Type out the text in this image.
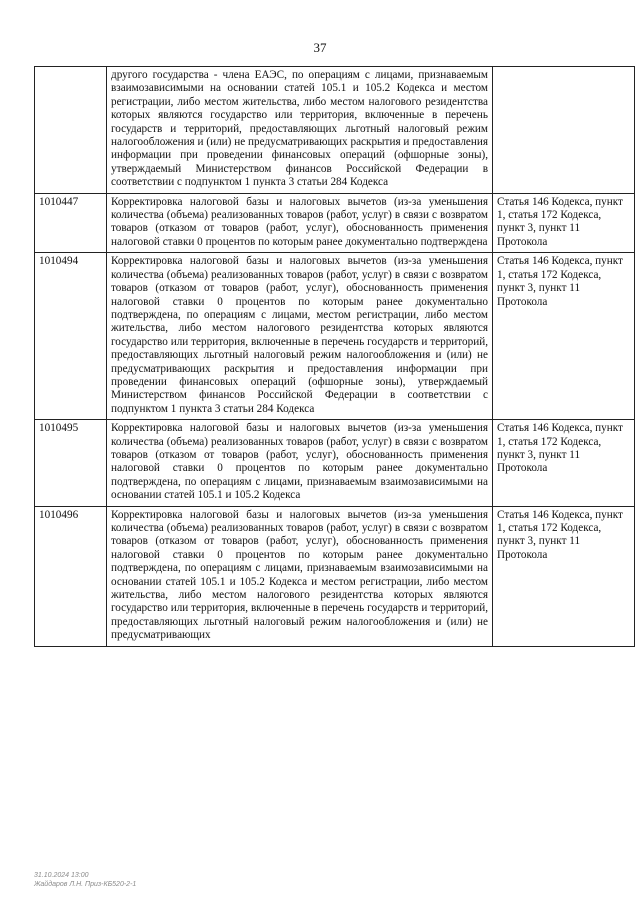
37
	другого государства - члена ЕАЭС, по операциям с лицами, признаваемым взаимозависимыми на основании статей 105.1 и 105.2 Кодекса и местом регистрации, либо местом жительства, либо местом налогового резидентства которых являются государство или территория, включенные в перечень государств и территорий, предоставляющих льготный налоговый режим налогообложения и (или) не предусматривающих раскрытия и предоставления информации при проведении финансовых операций (офшорные зоны), утверждаемый Министерством финансов Российской Федерации в соответствии с подпунктом 1 пункта 3 статьи 284 Кодекса	
1010447	Корректировка налоговой базы и налоговых вычетов (из-за уменьшения количества (объема) реализованных товаров (работ, услуг) в связи с возвратом товаров (отказом от товаров (работ, услуг), обоснованность применения налоговой ставки 0 процентов по которым ранее документально подтверждена	Статья 146 Кодекса, пункт 1, статья 172 Кодекса, пункт 3, пункт 11 Протокола
1010494	Корректировка налоговой базы и налоговых вычетов (из-за уменьшения количества (объема) реализованных товаров (работ, услуг) в связи с возвратом товаров (отказом от товаров (работ, услуг), обоснованность применения налоговой ставки 0 процентов по которым ранее документально подтверждена, по операциям с лицами, местом регистрации, либо местом жительства, либо местом налогового резидентства которых являются государство или территория, включенные в перечень государств и территорий, предоставляющих льготный налоговый режим налогообложения и (или) не предусматривающих раскрытия и предоставления информации при проведении финансовых операций (офшорные зоны), утверждаемый Министерством финансов Российской Федерации в соответствии с подпунктом 1 пункта 3 статьи 284 Кодекса	Статья 146 Кодекса, пункт 1, статья 172 Кодекса, пункт 3, пункт 11 Протокола
1010495	Корректировка налоговой базы и налоговых вычетов (из-за уменьшения количества (объема) реализованных товаров (работ, услуг) в связи с возвратом товаров (отказом от товаров (работ, услуг), обоснованность применения налоговой ставки 0 процентов по которым ранее документально подтверждена, по операциям с лицами, признаваемым взаимозависимыми на основании статей 105.1 и 105.2 Кодекса	Статья 146 Кодекса, пункт 1, статья 172 Кодекса, пункт 3, пункт 11 Протокола
1010496	Корректировка налоговой базы и налоговых вычетов (из-за уменьшения количества (объема) реализованных товаров (работ, услуг) в связи с возвратом товаров (отказом от товаров (работ, услуг), обоснованность применения налоговой ставки 0 процентов по которым ранее документально подтверждена, по операциям с лицами, признаваемым взаимозависимыми на основании статей 105.1 и 105.2 Кодекса и местом регистрации, либо местом жительства, либо местом налогового резидентства которых являются государство или территория, включенные в перечень государств и территорий, предоставляющих льготный налоговый режим налогообложения и (или) не предусматривающих	Статья 146 Кодекса, пункт 1, статья 172 Кодекса, пункт 3, пункт 11 Протокола
31.10.2024 13:00
Жайдаров Л.Н. Приз-КБ520-2-1
